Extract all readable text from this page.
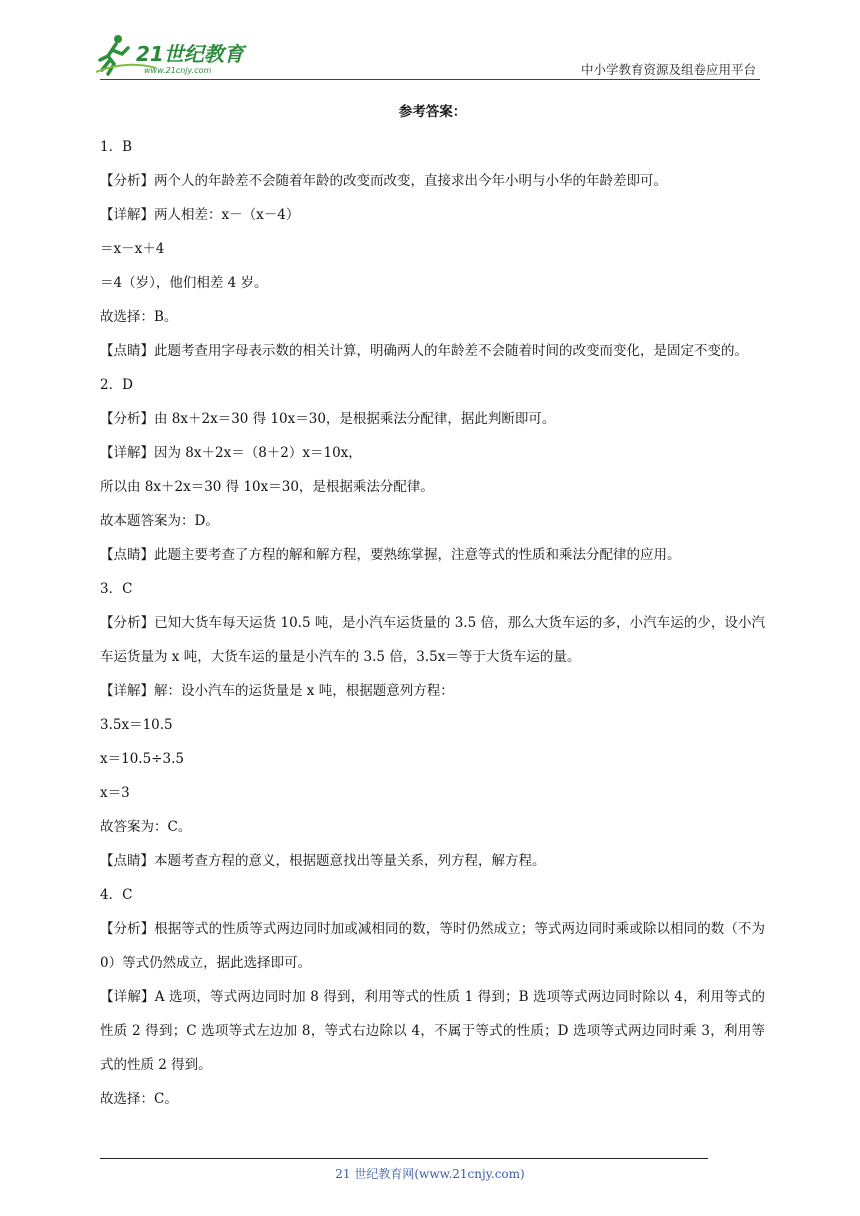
21世纪教育
www.21cnjy.com	中小学教育资源及组卷应用平台
参考答案：
1．B
【分析】两个人的年龄差不会随着年龄的改变而改变，直接求出今年小明与小华的年龄差即可。
【详解】两人相差：x－（x－4）
＝x－x＋4
＝4（岁），他们相差 4 岁。
故选择：B。
【点睛】此题考查用字母表示数的相关计算，明确两人的年龄差不会随着时间的改变而变化，是固定不变的。
2．D
【分析】由 8x＋2x＝30 得 10x＝30，是根据乘法分配律，据此判断即可。
【详解】因为 8x＋2x＝（8＋2）x＝10x，
所以由 8x＋2x＝30 得 10x＝30，是根据乘法分配律。
故本题答案为：D。
【点睛】此题主要考查了方程的解和解方程，要熟练掌握，注意等式的性质和乘法分配律的应用。
3．C
【分析】已知大货车每天运货 10.5 吨，是小汽车运货量的 3.5 倍，那么大货车运的多，小汽车运的少，设小汽车运货量为 x 吨，大货车运的量是小汽车的 3.5 倍，3.5x＝等于大货车运的量。
【详解】解：设小汽车的运货量是 x 吨，根据题意列方程：
3.5x＝10.5
x＝10.5÷3.5
x＝3
故答案为：C。
【点睛】本题考查方程的意义，根据题意找出等量关系，列方程，解方程。
4．C
【分析】根据等式的性质等式两边同时加或减相同的数，等时仍然成立；等式两边同时乘或除以相同的数（不为 0）等式仍然成立，据此选择即可。
【详解】A 选项，等式两边同时加 8 得到，利用等式的性质 1 得到；B 选项等式两边同时除以 4，利用等式的性质 2 得到；C 选项等式左边加 8，等式右边除以 4，不属于等式的性质；D 选项等式两边同时乘 3，利用等式的性质 2 得到。
故选择：C。
21 世纪教育网(www.21cnjy.com)
